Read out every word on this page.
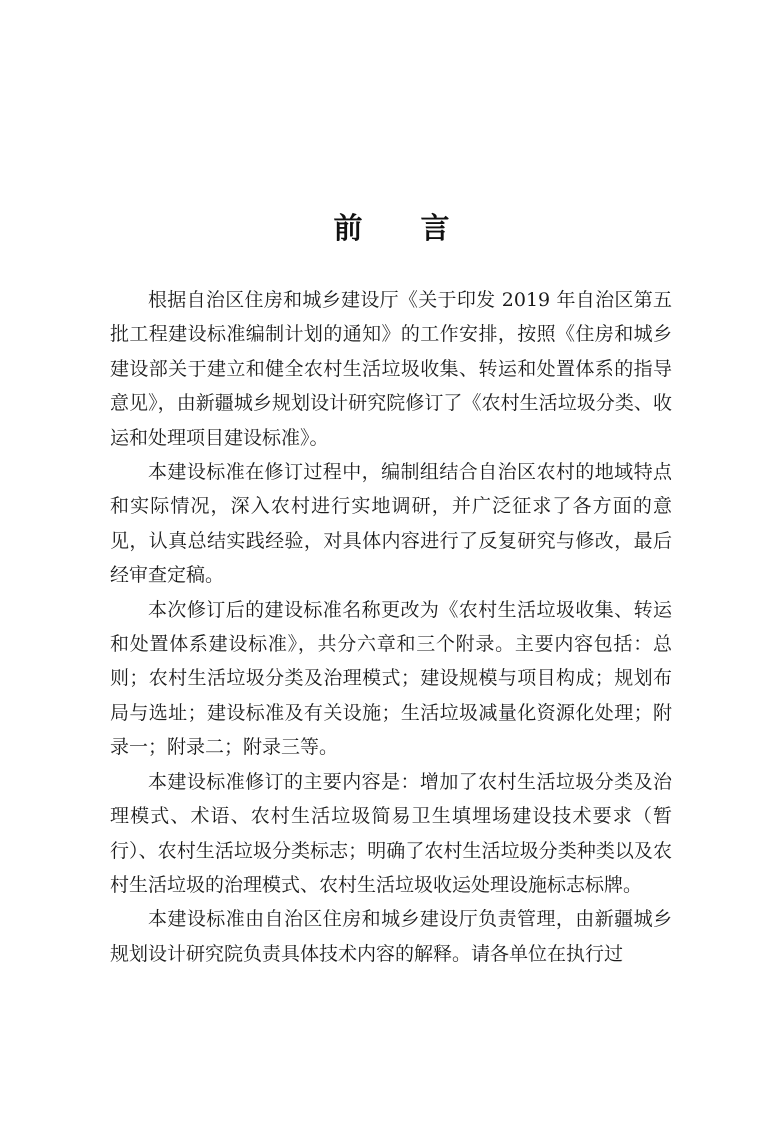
前言

根据自治区住房和城乡建设厅《关于印发 2019 年自治区第五批工程建设标准编制计划的通知》的工作安排，按照《住房和城乡建设部关于建立和健全农村生活垃圾收集、转运和处置体系的指导意见》，由新疆城乡规划设计研究院修订了《农村生活垃圾分类、收运和处理项目建设标准》。

本建设标准在修订过程中，编制组结合自治区农村的地域特点和实际情况，深入农村进行实地调研，并广泛征求了各方面的意见，认真总结实践经验，对具体内容进行了反复研究与修改，最后经审查定稿。

本次修订后的建设标准名称更改为《农村生活垃圾收集、转运和处置体系建设标准》，共分六章和三个附录。主要内容包括：总则；农村生活垃圾分类及治理模式；建设规模与项目构成；规划布局与选址；建设标准及有关设施；生活垃圾减量化资源化处理；附录一；附录二；附录三等。

本建设标准修订的主要内容是：增加了农村生活垃圾分类及治理模式、术语、农村生活垃圾简易卫生填埋场建设技术要求（暂行）、农村生活垃圾分类标志；明确了农村生活垃圾分类种类以及农村生活垃圾的治理模式、农村生活垃圾收运处理设施标志标牌。

本建设标准由自治区住房和城乡建设厅负责管理，由新疆城乡规划设计研究院负责具体技术内容的解释。请各单位在执行过
